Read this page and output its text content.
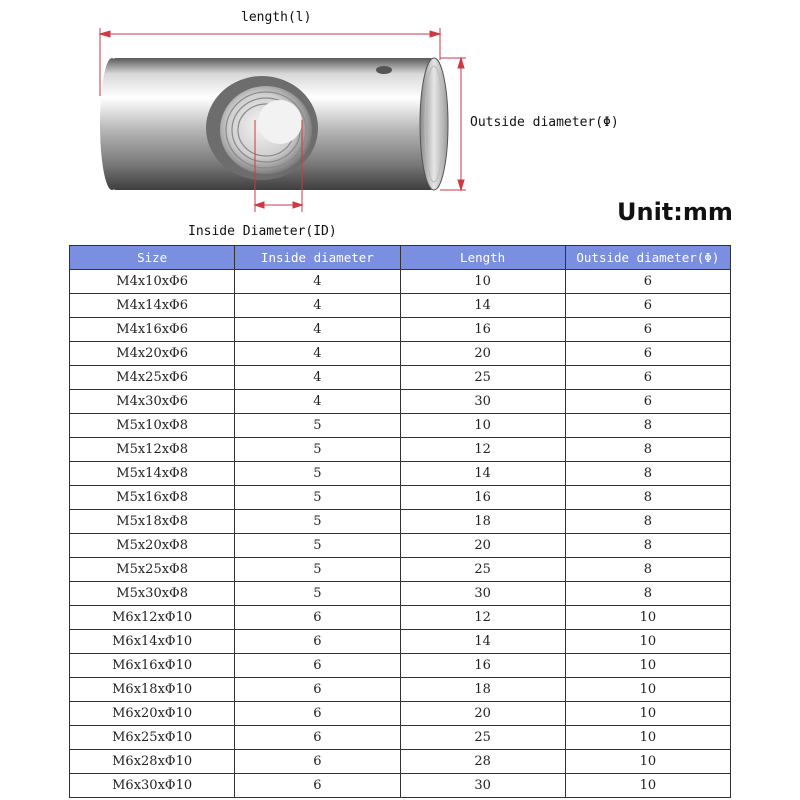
length(l)
Outside diameter(Φ)
Inside Diameter(ID)
Unit:mm
Size	Inside diameter	Length	Outside diameter(Φ)
M4x10xΦ6	4	10	6
M4x14xΦ6	4	14	6
M4x16xΦ6	4	16	6
M4x20xΦ6	4	20	6
M4x25xΦ6	4	25	6
M4x30xΦ6	4	30	6
M5x10xΦ8	5	10	8
M5x12xΦ8	5	12	8
M5x14xΦ8	5	14	8
M5x16xΦ8	5	16	8
M5x18xΦ8	5	18	8
M5x20xΦ8	5	20	8
M5x25xΦ8	5	25	8
M5x30xΦ8	5	30	8
M6x12xΦ10	6	12	10
M6x14xΦ10	6	14	10
M6x16xΦ10	6	16	10
M6x18xΦ10	6	18	10
M6x20xΦ10	6	20	10
M6x25xΦ10	6	25	10
M6x28xΦ10	6	28	10
M6x30xΦ10	6	30	10
